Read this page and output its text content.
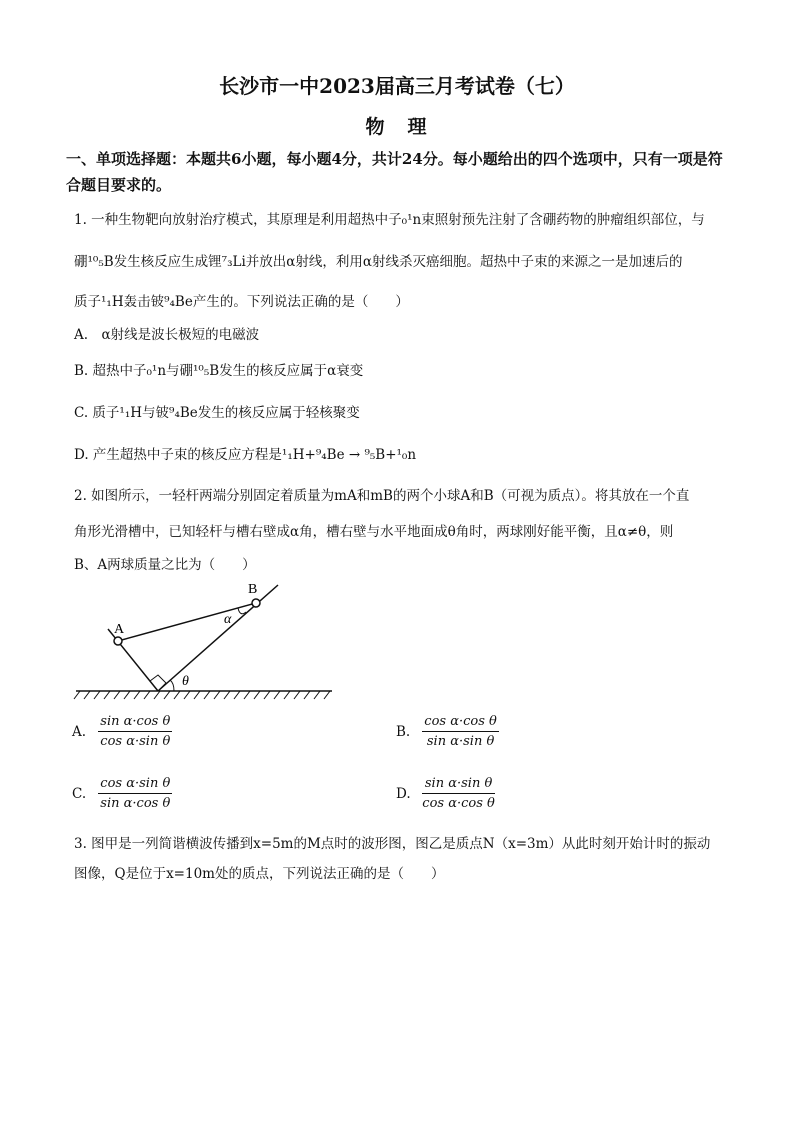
长沙市一中2023届高三月考试卷（七）
物　理
一、单项选择题：本题共6小题，每小题4分，共计24分。每小题给出的四个选项中，只有一项是符合题目要求的。
1. 一种生物靶向放射治疗模式，其原理是利用超热中子₀¹n束照射预先注射了含硼药物的肿瘤组织部位，与
硼¹⁰₅B发生核反应生成锂⁷₃Li并放出α射线，利用α射线杀灭癌细胞。超热中子束的来源之一是加速后的
质子¹₁H轰击铍⁹₄Be产生的。下列说法正确的是（　　）
A.　α射线是波长极短的电磁波
B. 超热中子₀¹n与硼¹⁰₅B发生的核反应属于α衰变
C. 质子¹₁H与铍⁹₄Be发生的核反应属于轻核聚变
D. 产生超热中子束的核反应方程是¹₁H+⁹₄Be → ⁹₅B+¹₀n
2. 如图所示，一轻杆两端分别固定着质量为mA和mB的两个小球A和B（可视为质点）。将其放在一个直
角形光滑槽中，已知轻杆与槽右壁成α角，槽右壁与水平地面成θ角时，两球刚好能平衡，且α≠θ，则
B、A两球质量之比为（　　）
A
B
α
θ
A. $\frac{\text{sin α·cos θ}}{\text{cos α·sin θ}}$	B. $\frac{\text{cos α·cos θ}}{\text{sin α·sin θ}}$
C. $\frac{\text{cos α·sin θ}}{\text{sin α·cos θ}}$	D. $\frac{\text{sin α·sin θ}}{\text{cos α·cos θ}}$
3. 图甲是一列简谐横波传播到x=5m的M点时的波形图，图乙是质点N（x=3m）从此时刻开始计时的振动
图像，Q是位于x=10m处的质点，下列说法正确的是（　　）
